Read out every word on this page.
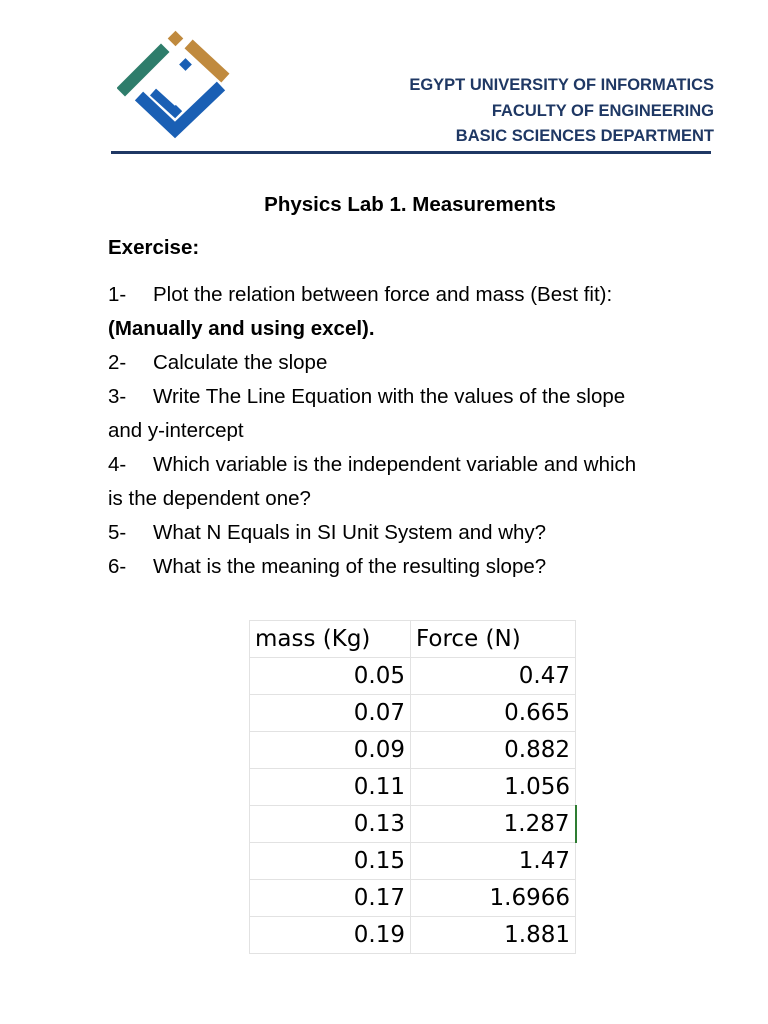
EGYPT UNIVERSITY OF INFORMATICS
FACULTY OF ENGINEERING
BASIC SCIENCES DEPARTMENT
Physics Lab 1. Measurements
Exercise:
1- Plot the relation between force and mass (Best fit):
(Manually and using excel).
2- Calculate the slope
3- Write The Line Equation with the values of the slope
and y-intercept
4- Which variable is the independent variable and which
is the dependent one?
5- What N Equals in SI Unit System and why?
6- What is the meaning of the resulting slope?
mass (Kg)	Force (N)
0.05	0.47
0.07	0.665
0.09	0.882
0.11	1.056
0.13	1.287
0.15	1.47
0.17	1.6966
0.19	1.881
